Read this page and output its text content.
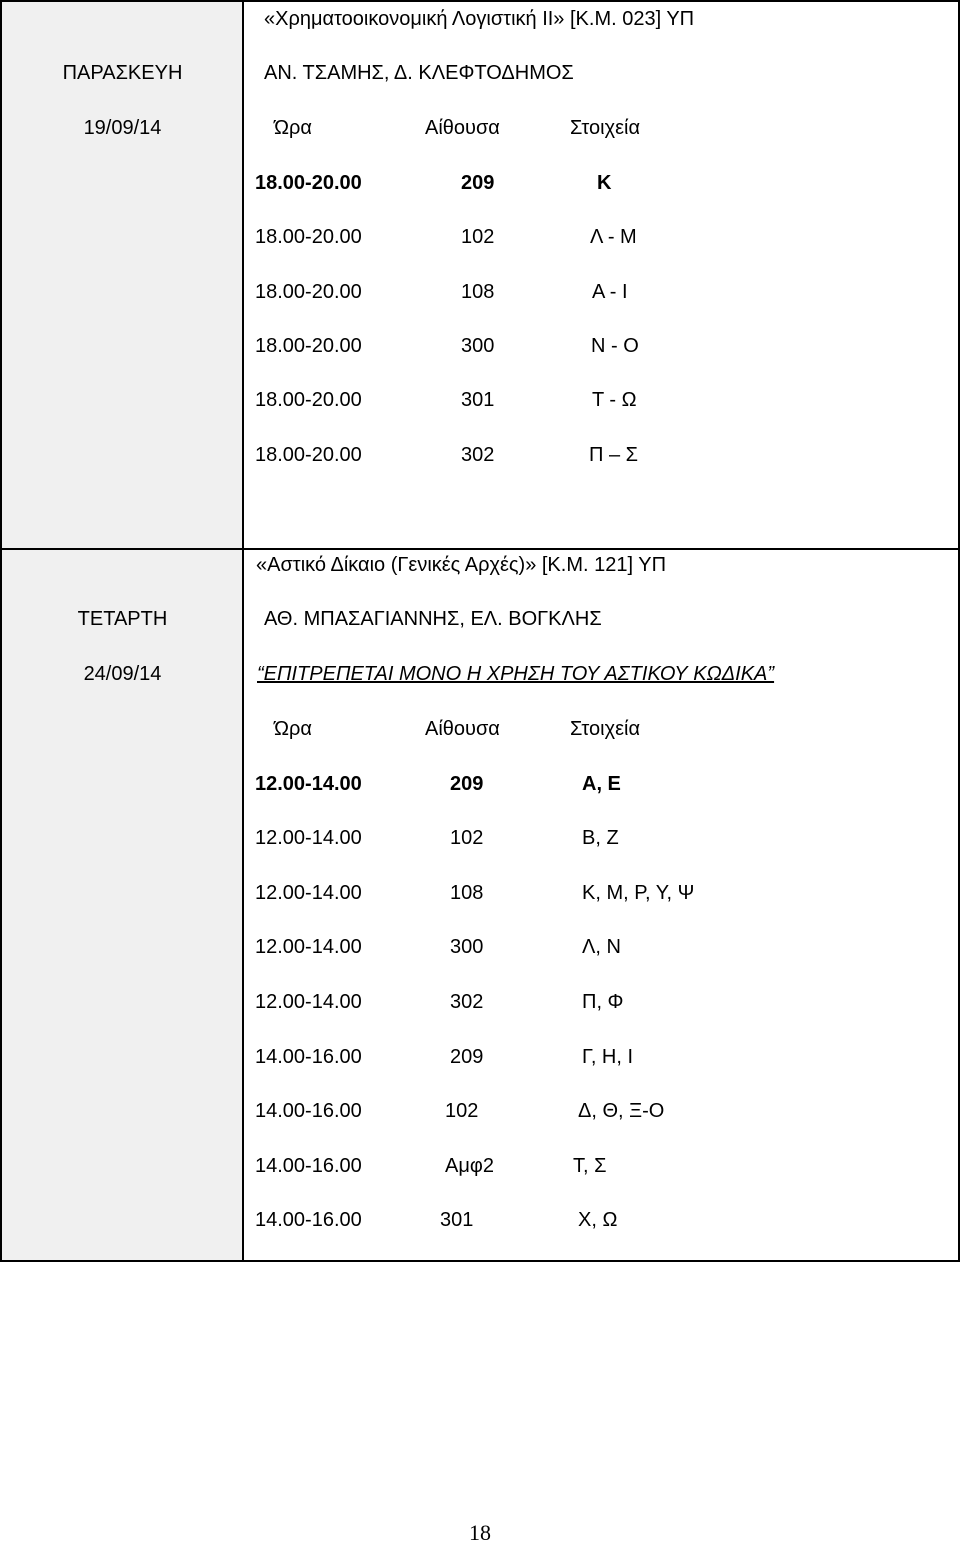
ΠΑΡΑΣΚΕΥΗ
19/09/14
«Χρηματοοικονομική Λογιστική ΙΙ» [Κ.Μ. 023] ΥΠ
ΑΝ. ΤΣΑΜΗΣ, Δ. ΚΛΕΦΤΟΔΗΜΟΣ
Ώρα	Αίθουσα	Στοιχεία
18.00-20.00	209	Κ
18.00-20.00	102	Λ - Μ
18.00-20.00	108	Α - Ι
18.00-20.00	300	Ν - Ο
18.00-20.00	301	Τ - Ω
18.00-20.00	302	Π – Σ
ΤΕΤΑΡΤΗ
24/09/14
«Αστικό Δίκαιο (Γενικές Αρχές)» [Κ.Μ. 121] ΥΠ
ΑΘ. ΜΠΑΣΑΓΙΑΝΝΗΣ, ΕΛ. ΒΟΓΚΛΗΣ
“ΕΠΙΤΡΕΠΕΤΑΙ ΜΟΝΟ Η ΧΡΗΣΗ ΤΟΥ ΑΣΤΙΚΟΥ ΚΩΔΙΚΑ”
Ώρα	Αίθουσα	Στοιχεία
12.00-14.00	209	Α, Ε
12.00-14.00	102	Β, Ζ
12.00-14.00	108	Κ, Μ, Ρ, Υ, Ψ
12.00-14.00	300	Λ, Ν
12.00-14.00	302	Π, Φ
14.00-16.00	209	Γ, Η, Ι
14.00-16.00	102	Δ, Θ, Ξ-Ο
14.00-16.00	Αμφ2	Τ, Σ
14.00-16.00	301	Χ, Ω
18
